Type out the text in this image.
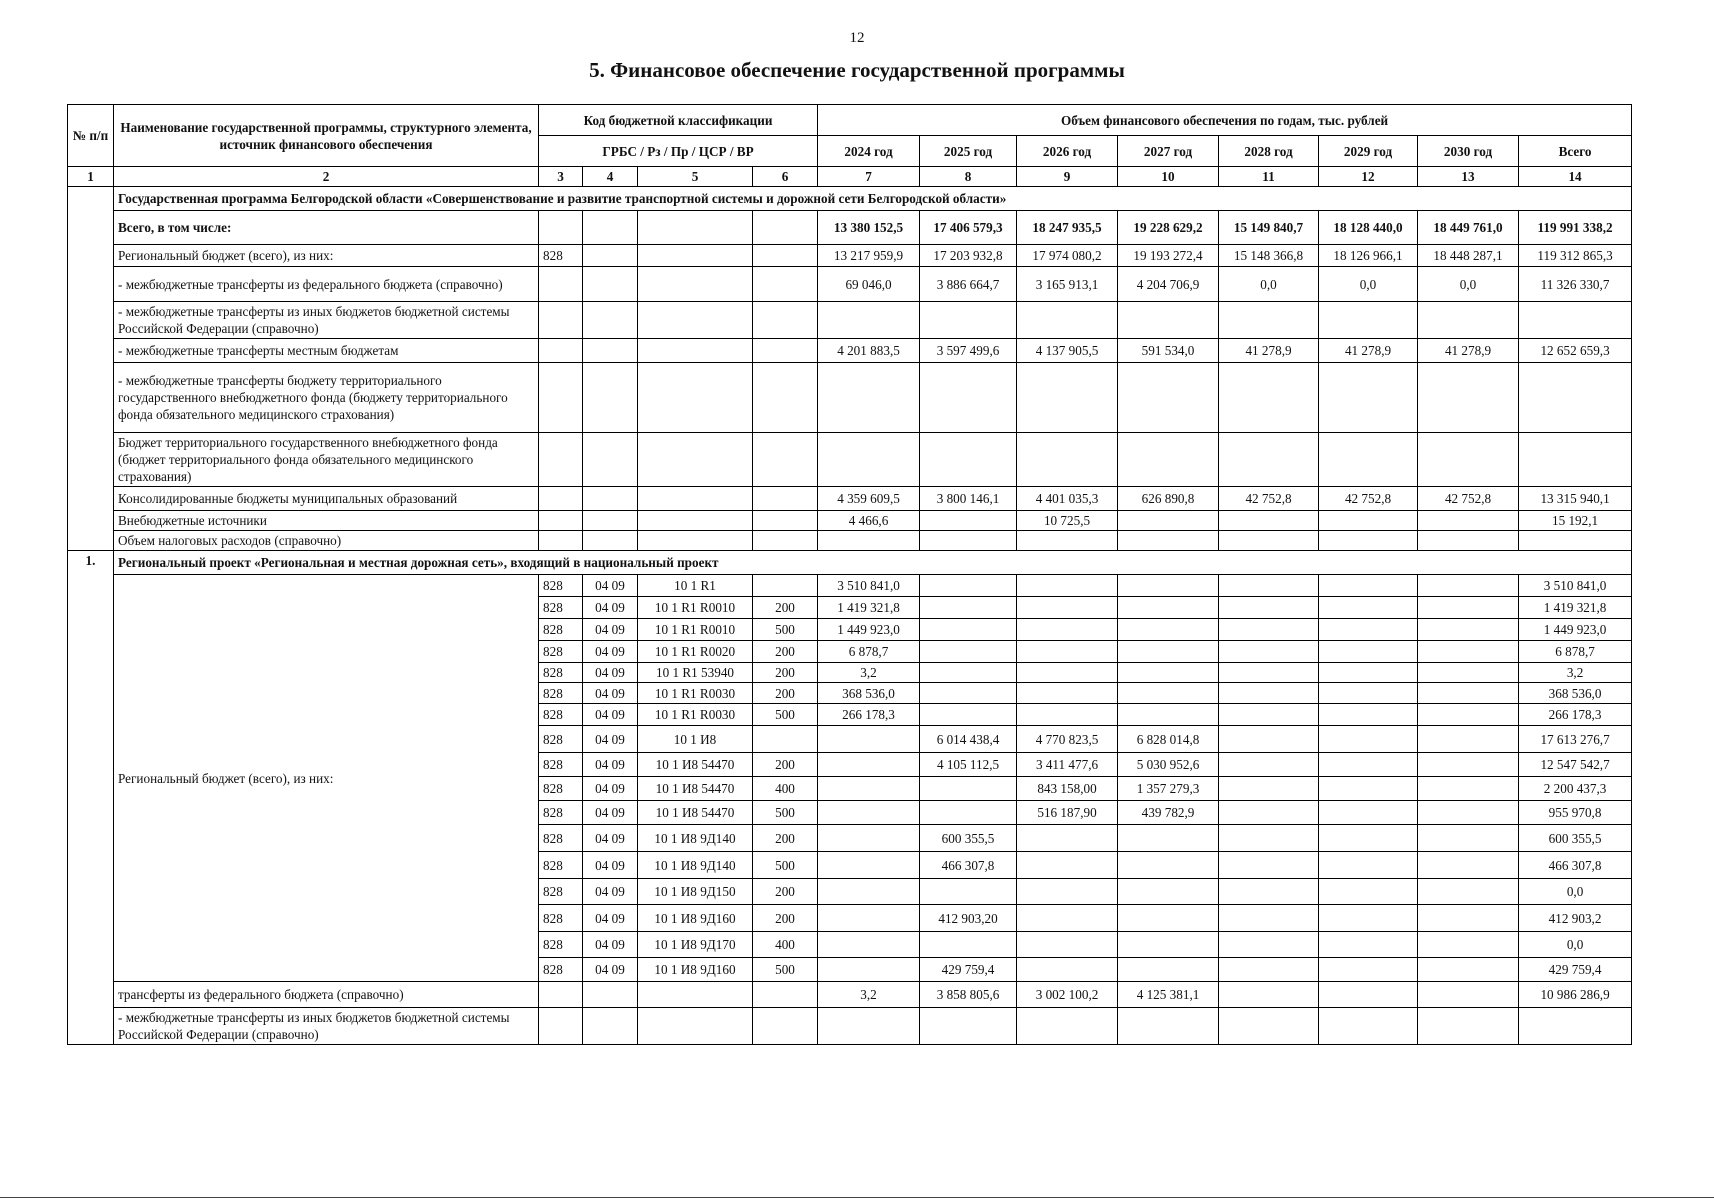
12
5. Финансовое обеспечение государственной программы
№ п/п	Наименование государственной программы, структурного элемента, источник финансового обеспечения	Код бюджетной классификации				Объем финансового обеспечения по годам, тыс. рублей							
		ГРБС / Рз / Пр / ЦСР / ВР				2024 год	2025 год	2026 год	2027 год	2028 год	2029 год	2030 год	Всего
1	2	3	4	5	6	7	8	9	10	11	12	13	14
	Государственная программа Белгородской области «Совершенствование и развитие транспортной системы и дорожной сети Белгородской области»												
	Всего, в том числе:					13 380 152,5	17 406 579,3	18 247 935,5	19 228 629,2	15 149 840,7	18 128 440,0	18 449 761,0	119 991 338,2
	Региональный бюджет (всего), из них:	828				13 217 959,9	17 203 932,8	17 974 080,2	19 193 272,4	15 148 366,8	18 126 966,1	18 448 287,1	119 312 865,3
	- межбюджетные трансферты из федерального бюджета (справочно)					69 046,0	3 886 664,7	3 165 913,1	4 204 706,9	0,0	0,0	0,0	11 326 330,7
	- межбюджетные трансферты из иных бюджетов бюджетной системы Российской Федерации (справочно)												
	- межбюджетные трансферты местным бюджетам					4 201 883,5	3 597 499,6	4 137 905,5	591 534,0	41 278,9	41 278,9	41 278,9	12 652 659,3
	- межбюджетные трансферты бюджету территориального государственного внебюджетного фонда (бюджету территориального фонда обязательного медицинского страхования)												
	Бюджет территориального государственного внебюджетного фонда (бюджет территориального фонда обязательного медицинского страхования)												
	Консолидированные бюджеты муниципальных образований					4 359 609,5	3 800 146,1	4 401 035,3	626 890,8	42 752,8	42 752,8	42 752,8	13 315 940,1
	Внебюджетные источники					4 466,6		10 725,5					15 192,1
	Объем налоговых расходов (справочно)												
1.	Региональный проект «Региональная и местная дорожная сеть», входящий в национальный проект												
	Региональный бюджет (всего), из них:	828	04 09	10 1 R1		3 510 841,0							3 510 841,0
		828	04 09	10 1 R1 R0010	200	1 419 321,8							1 419 321,8
		828	04 09	10 1 R1 R0010	500	1 449 923,0							1 449 923,0
		828	04 09	10 1 R1 R0020	200	6 878,7							6 878,7
		828	04 09	10 1 R1 53940	200	3,2							3,2
		828	04 09	10 1 R1 R0030	200	368 536,0							368 536,0
		828	04 09	10 1 R1 R0030	500	266 178,3							266 178,3
		828	04 09	10 1 И8			6 014 438,4	4 770 823,5	6 828 014,8				17 613 276,7
		828	04 09	10 1 И8 54470	200		4 105 112,5	3 411 477,6	5 030 952,6				12 547 542,7
		828	04 09	10 1 И8 54470	400			843 158,00	1 357 279,3				2 200 437,3
		828	04 09	10 1 И8 54470	500			516 187,90	439 782,9				955 970,8
		828	04 09	10 1 И8 9Д140	200		600 355,5						600 355,5
		828	04 09	10 1 И8 9Д140	500		466 307,8						466 307,8
		828	04 09	10 1 И8 9Д150	200								0,0
		828	04 09	10 1 И8 9Д160	200		412 903,20						412 903,2
		828	04 09	10 1 И8 9Д170	400								0,0
		828	04 09	10 1 И8 9Д160	500		429 759,4						429 759,4
	трансферты из федерального бюджета (справочно)					3,2	3 858 805,6	3 002 100,2	4 125 381,1				10 986 286,9
	- межбюджетные трансферты из иных бюджетов бюджетной системы Российской Федерации (справочно)												
